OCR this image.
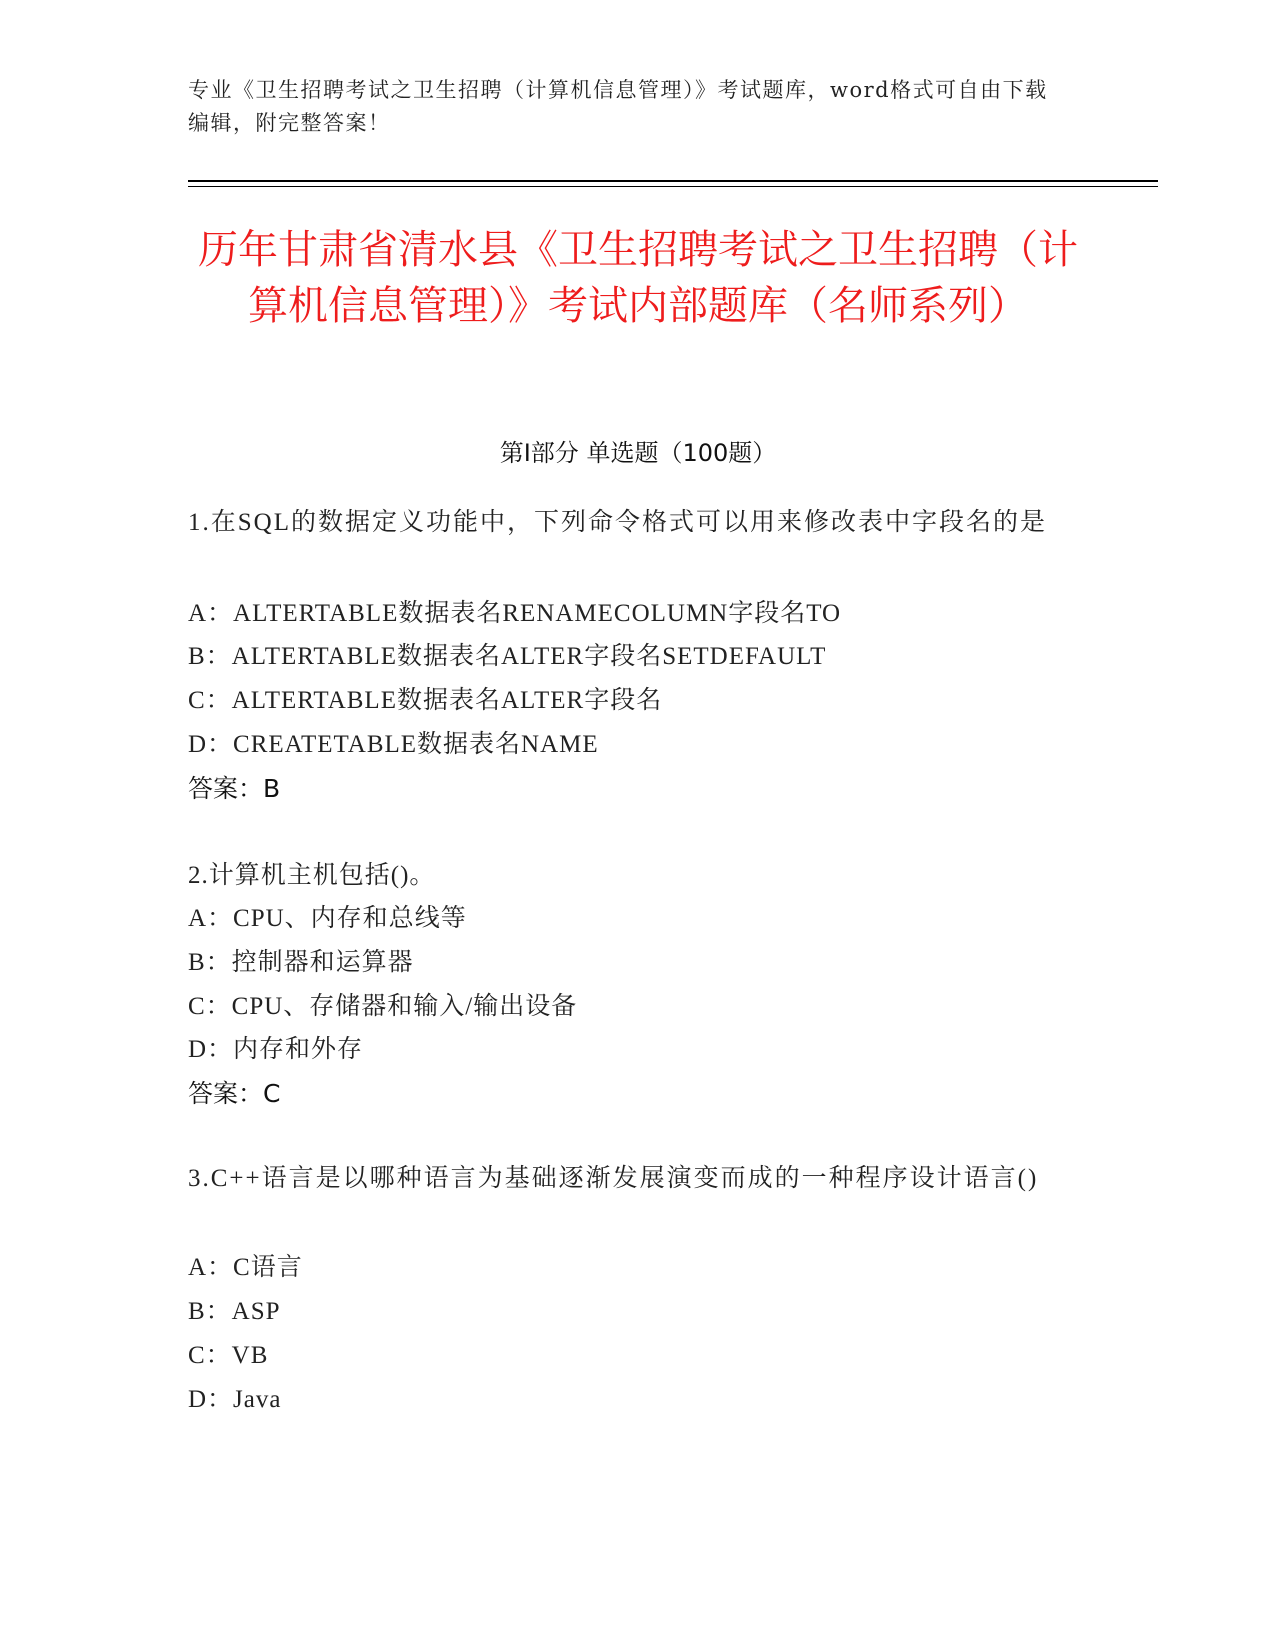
专业《卫生招聘考试之卫生招聘（计算机信息管理）》考试题库，word格式可自由下载编辑，附完整答案！
历年甘肃省清水县《卫生招聘考试之卫生招聘（计算机信息管理）》考试内部题库（名师系列）
第Ⅰ部分 单选题（100题）
1.在SQL的数据定义功能中，下列命令格式可以用来修改表中字段名的是
A：ALTERTABLE数据表名RENAMECOLUMN字段名TO
B：ALTERTABLE数据表名ALTER字段名SETDEFAULT
C：ALTERTABLE数据表名ALTER字段名
D：CREATETABLE数据表名NAME
答案：B
2.计算机主机包括()。
A：CPU、内存和总线等
B：控制器和运算器
C：CPU、存储器和输入/输出设备
D：内存和外存
答案：C
3.C++语言是以哪种语言为基础逐渐发展演变而成的一种程序设计语言()
A：C语言
B：ASP
C：VB
D：Java
